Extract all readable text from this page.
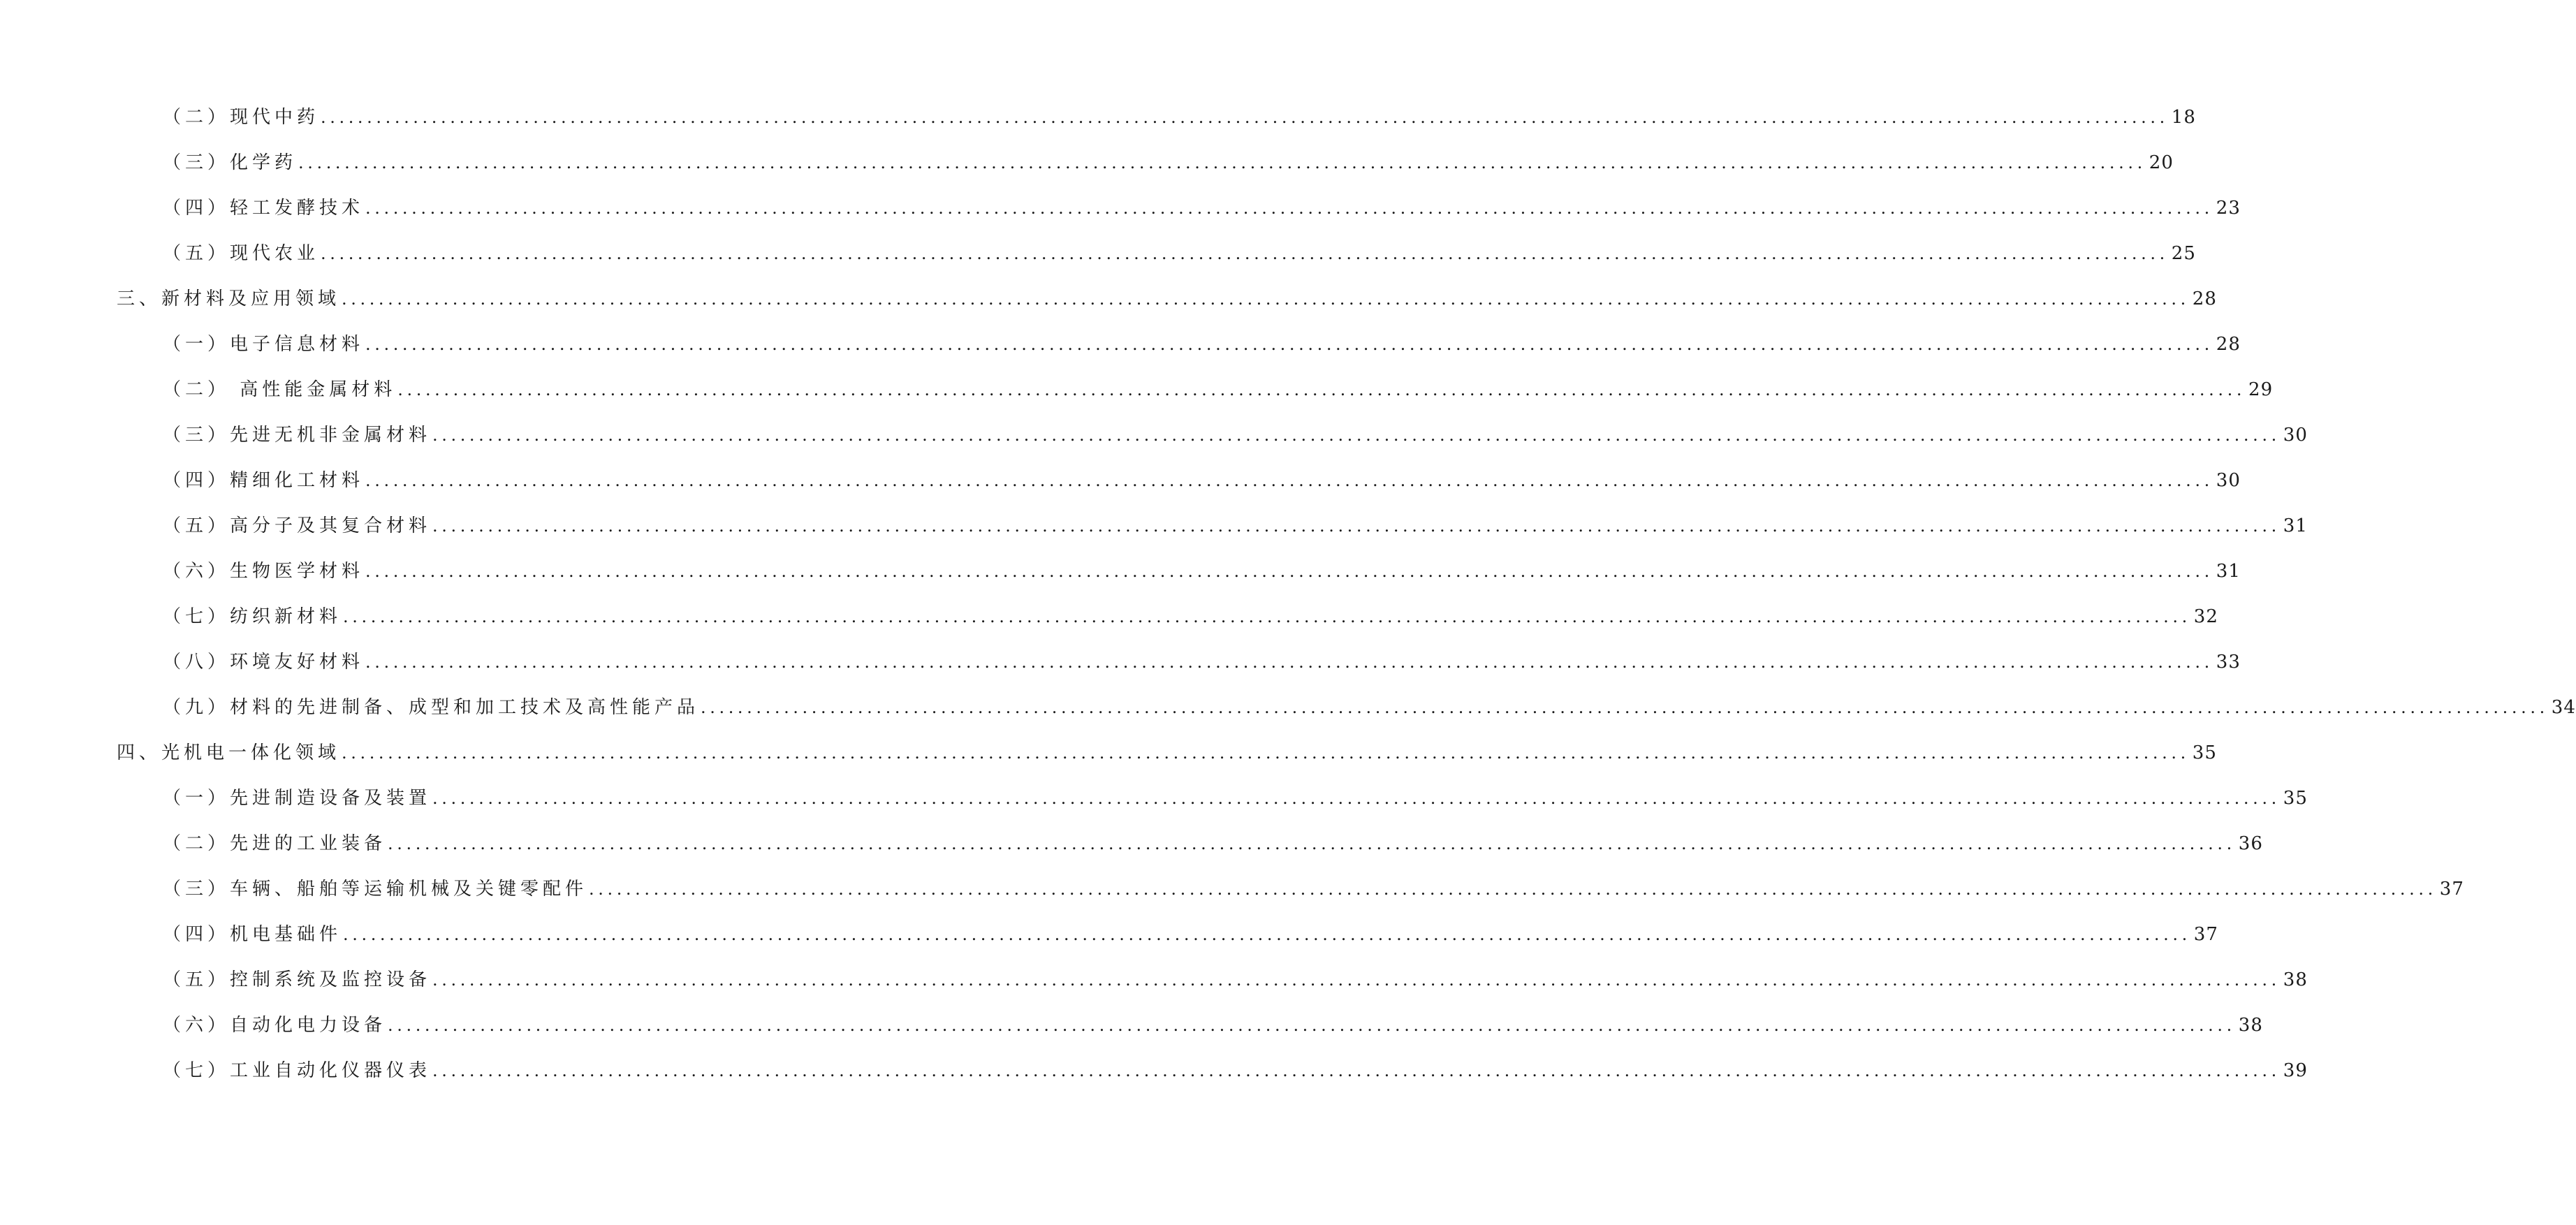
（二）现代中药 ........................................................................................................................................................................................................ 18
（三）化学药 ........................................................................................................................................................................................................ 20
（四）轻工发酵技术 ........................................................................................................................................................................................................ 23
（五）现代农业 ........................................................................................................................................................................................................ 25
三、新材料及应用领域 ........................................................................................................................................................................................................ 28
（一）电子信息材料 ........................................................................................................................................................................................................ 28
（二） 高性能金属材料 ........................................................................................................................................................................................................ 29
（三）先进无机非金属材料 ........................................................................................................................................................................................................ 30
（四）精细化工材料 ........................................................................................................................................................................................................ 30
（五）高分子及其复合材料 ........................................................................................................................................................................................................ 31
（六）生物医学材料 ........................................................................................................................................................................................................ 31
（七）纺织新材料 ........................................................................................................................................................................................................ 32
（八）环境友好材料 ........................................................................................................................................................................................................ 33
（九）材料的先进制备、成型和加工技术及高性能产品 ........................................................................................................................................................................................................ 34
四、光机电一体化领域 ........................................................................................................................................................................................................ 35
（一）先进制造设备及装置 ........................................................................................................................................................................................................ 35
（二）先进的工业装备 ........................................................................................................................................................................................................ 36
（三）车辆、船舶等运输机械及关键零配件 ........................................................................................................................................................................................................ 37
（四）机电基础件 ........................................................................................................................................................................................................ 37
（五）控制系统及监控设备 ........................................................................................................................................................................................................ 38
（六）自动化电力设备 ........................................................................................................................................................................................................ 38
（七）工业自动化仪器仪表 ........................................................................................................................................................................................................ 39
